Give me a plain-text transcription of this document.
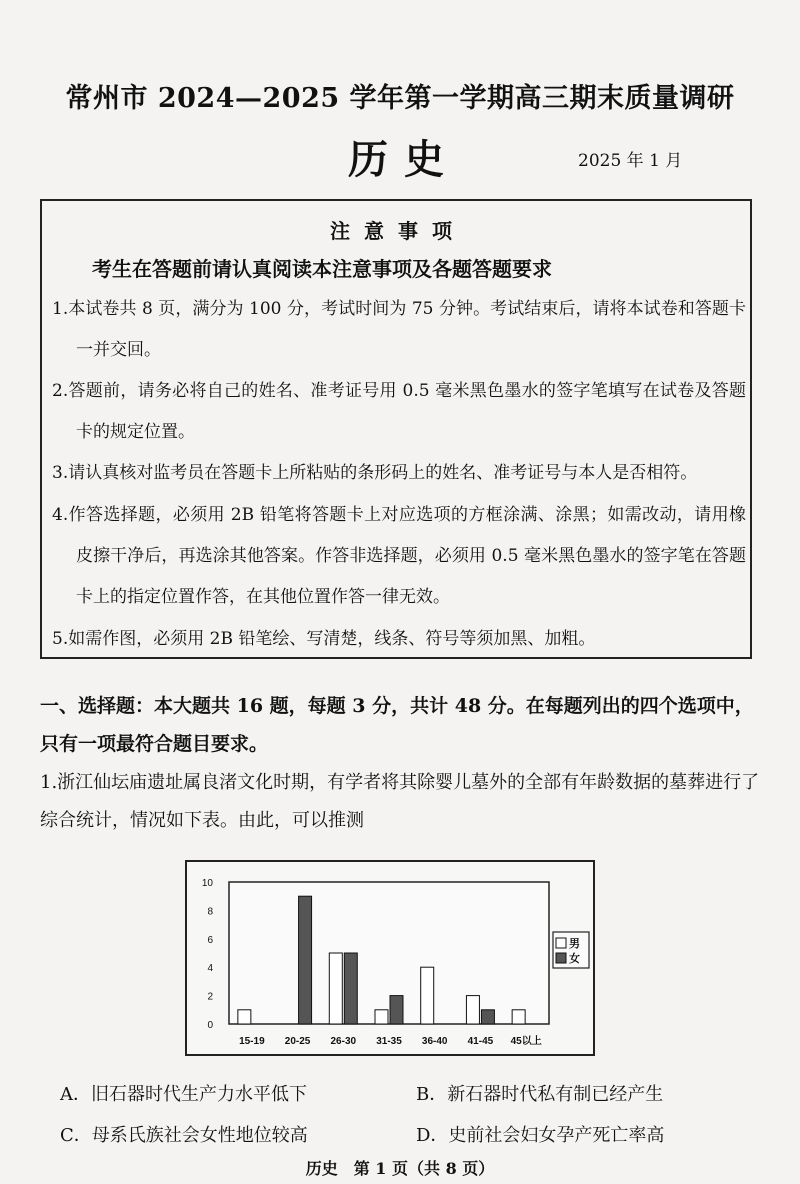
常州市 2024—2025 学年第一学期高三期末质量调研
历史	2025 年 1 月
注意事项
考生在答题前请认真阅读本注意事项及各题答题要求
1.本试卷共 8 页，满分为 100 分，考试时间为 75 分钟。考试结束后，请将本试卷和答题卡一并交回。
2.答题前，请务必将自己的姓名、准考证号用 0.5 毫米黑色墨水的签字笔填写在试卷及答题卡的规定位置。
3.请认真核对监考员在答题卡上所粘贴的条形码上的姓名、准考证号与本人是否相符。
4.作答选择题，必须用 2B 铅笔将答题卡上对应选项的方框涂满、涂黑；如需改动，请用橡皮擦干净后，再选涂其他答案。作答非选择题，必须用 0.5 毫米黑色墨水的签字笔在答题卡上的指定位置作答，在其他位置作答一律无效。
5.如需作图，必须用 2B 铅笔绘、写清楚，线条、符号等须加黑、加粗。
一、选择题：本大题共 16 题，每题 3 分，共计 48 分。在每题列出的四个选项中，只有一项最符合题目要求。
1.浙江仙坛庙遗址属良渚文化时期，有学者将其除婴儿墓外的全部有年龄数据的墓葬进行了综合统计，情况如下表。由此，可以推测
0
2
4
6
8
10
15-19 20-25 26-30 31-35 36-40 41-45 45以上
男
女
A．旧石器时代生产力水平低下	B．新石器时代私有制已经产生
C．母系氏族社会女性地位较高	D．史前社会妇女孕产死亡率高
历史　第 1 页（共 8 页）
